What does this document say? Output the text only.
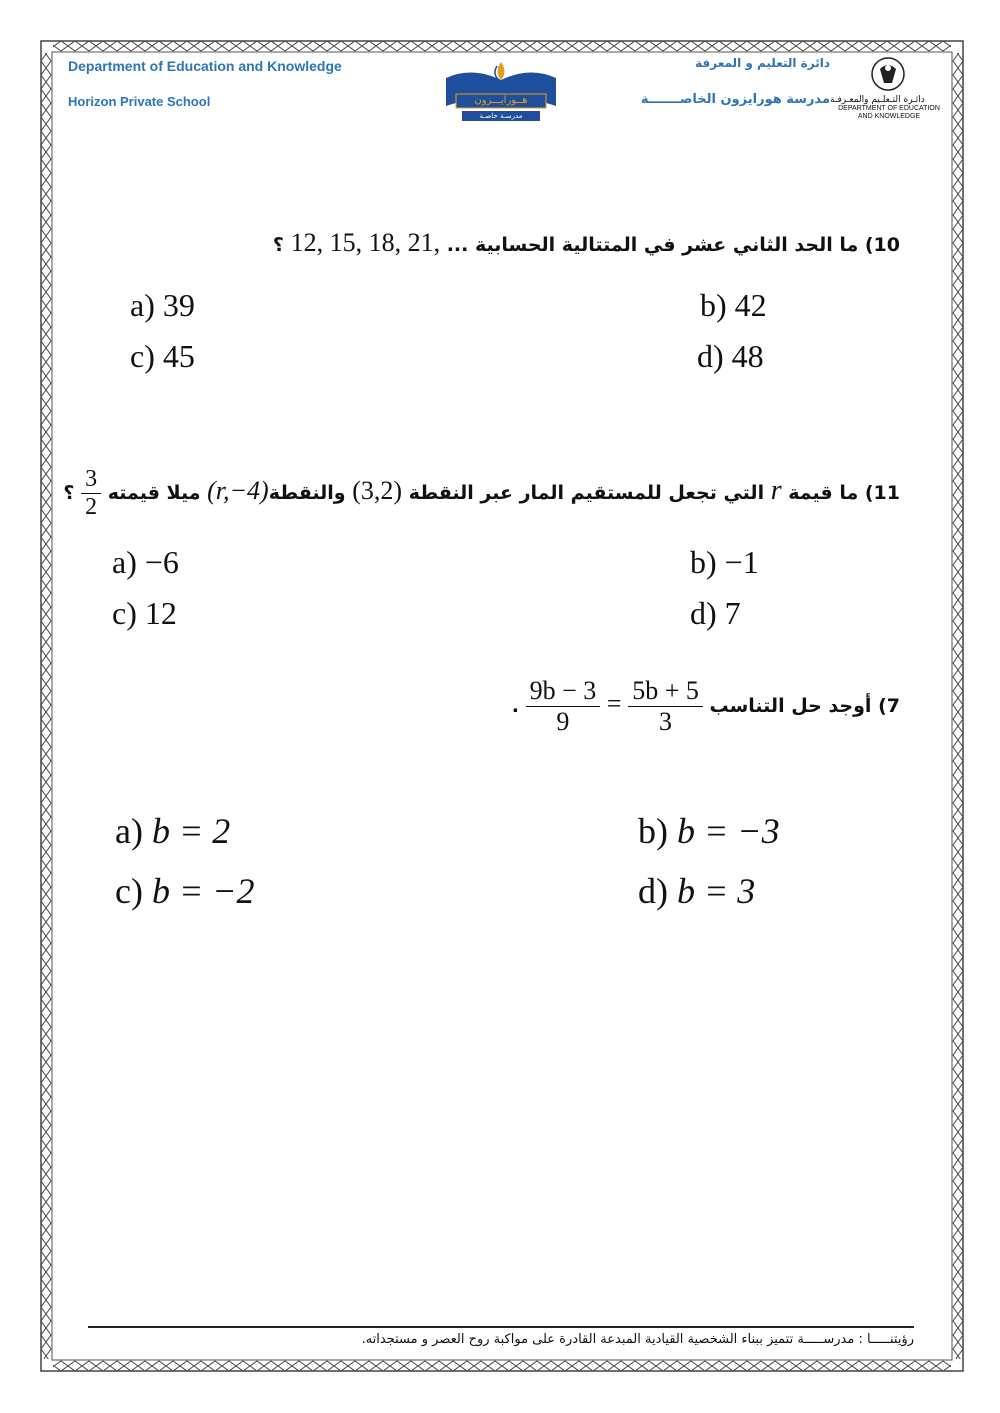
Department of Education and Knowledge
Horizon Private School
دائرة التعليم و المعرفة
مدرسة هورايزون الخاصـــــــة
هــورايـــزون
مدرسـة خاصـة
دائـرة التـعلـيم والمعـرفـة
DEPARTMENT OF EDUCATION
AND KNOWLEDGE
10) ما الحد الثاني عشر في المتتالية الحسابية ... 12, 15, 18, 21, ؟
a) 39	b) 42
c) 45	d) 48
11) ما قيمة r التي تجعل للمستقيم المار عبر النقطة (3,2) والنقطة(r,−4) ميلا قيمته
$\frac{3}{2}$
؟
a) −6	b) −1
c) 12	d) 7
7) أوجد حل التناسب
$\frac{5b + 5}{3}$
=
$\frac{9b - 3}{9}$
.
a) b = 2	b) b = −3
c) b = −2	d) b = 3
رؤيتنـــــا : مدرســـــة تتميز ببناء الشخصية القيادية المبدعة القادرة على مواكبة روح العصر و مستجداته.
